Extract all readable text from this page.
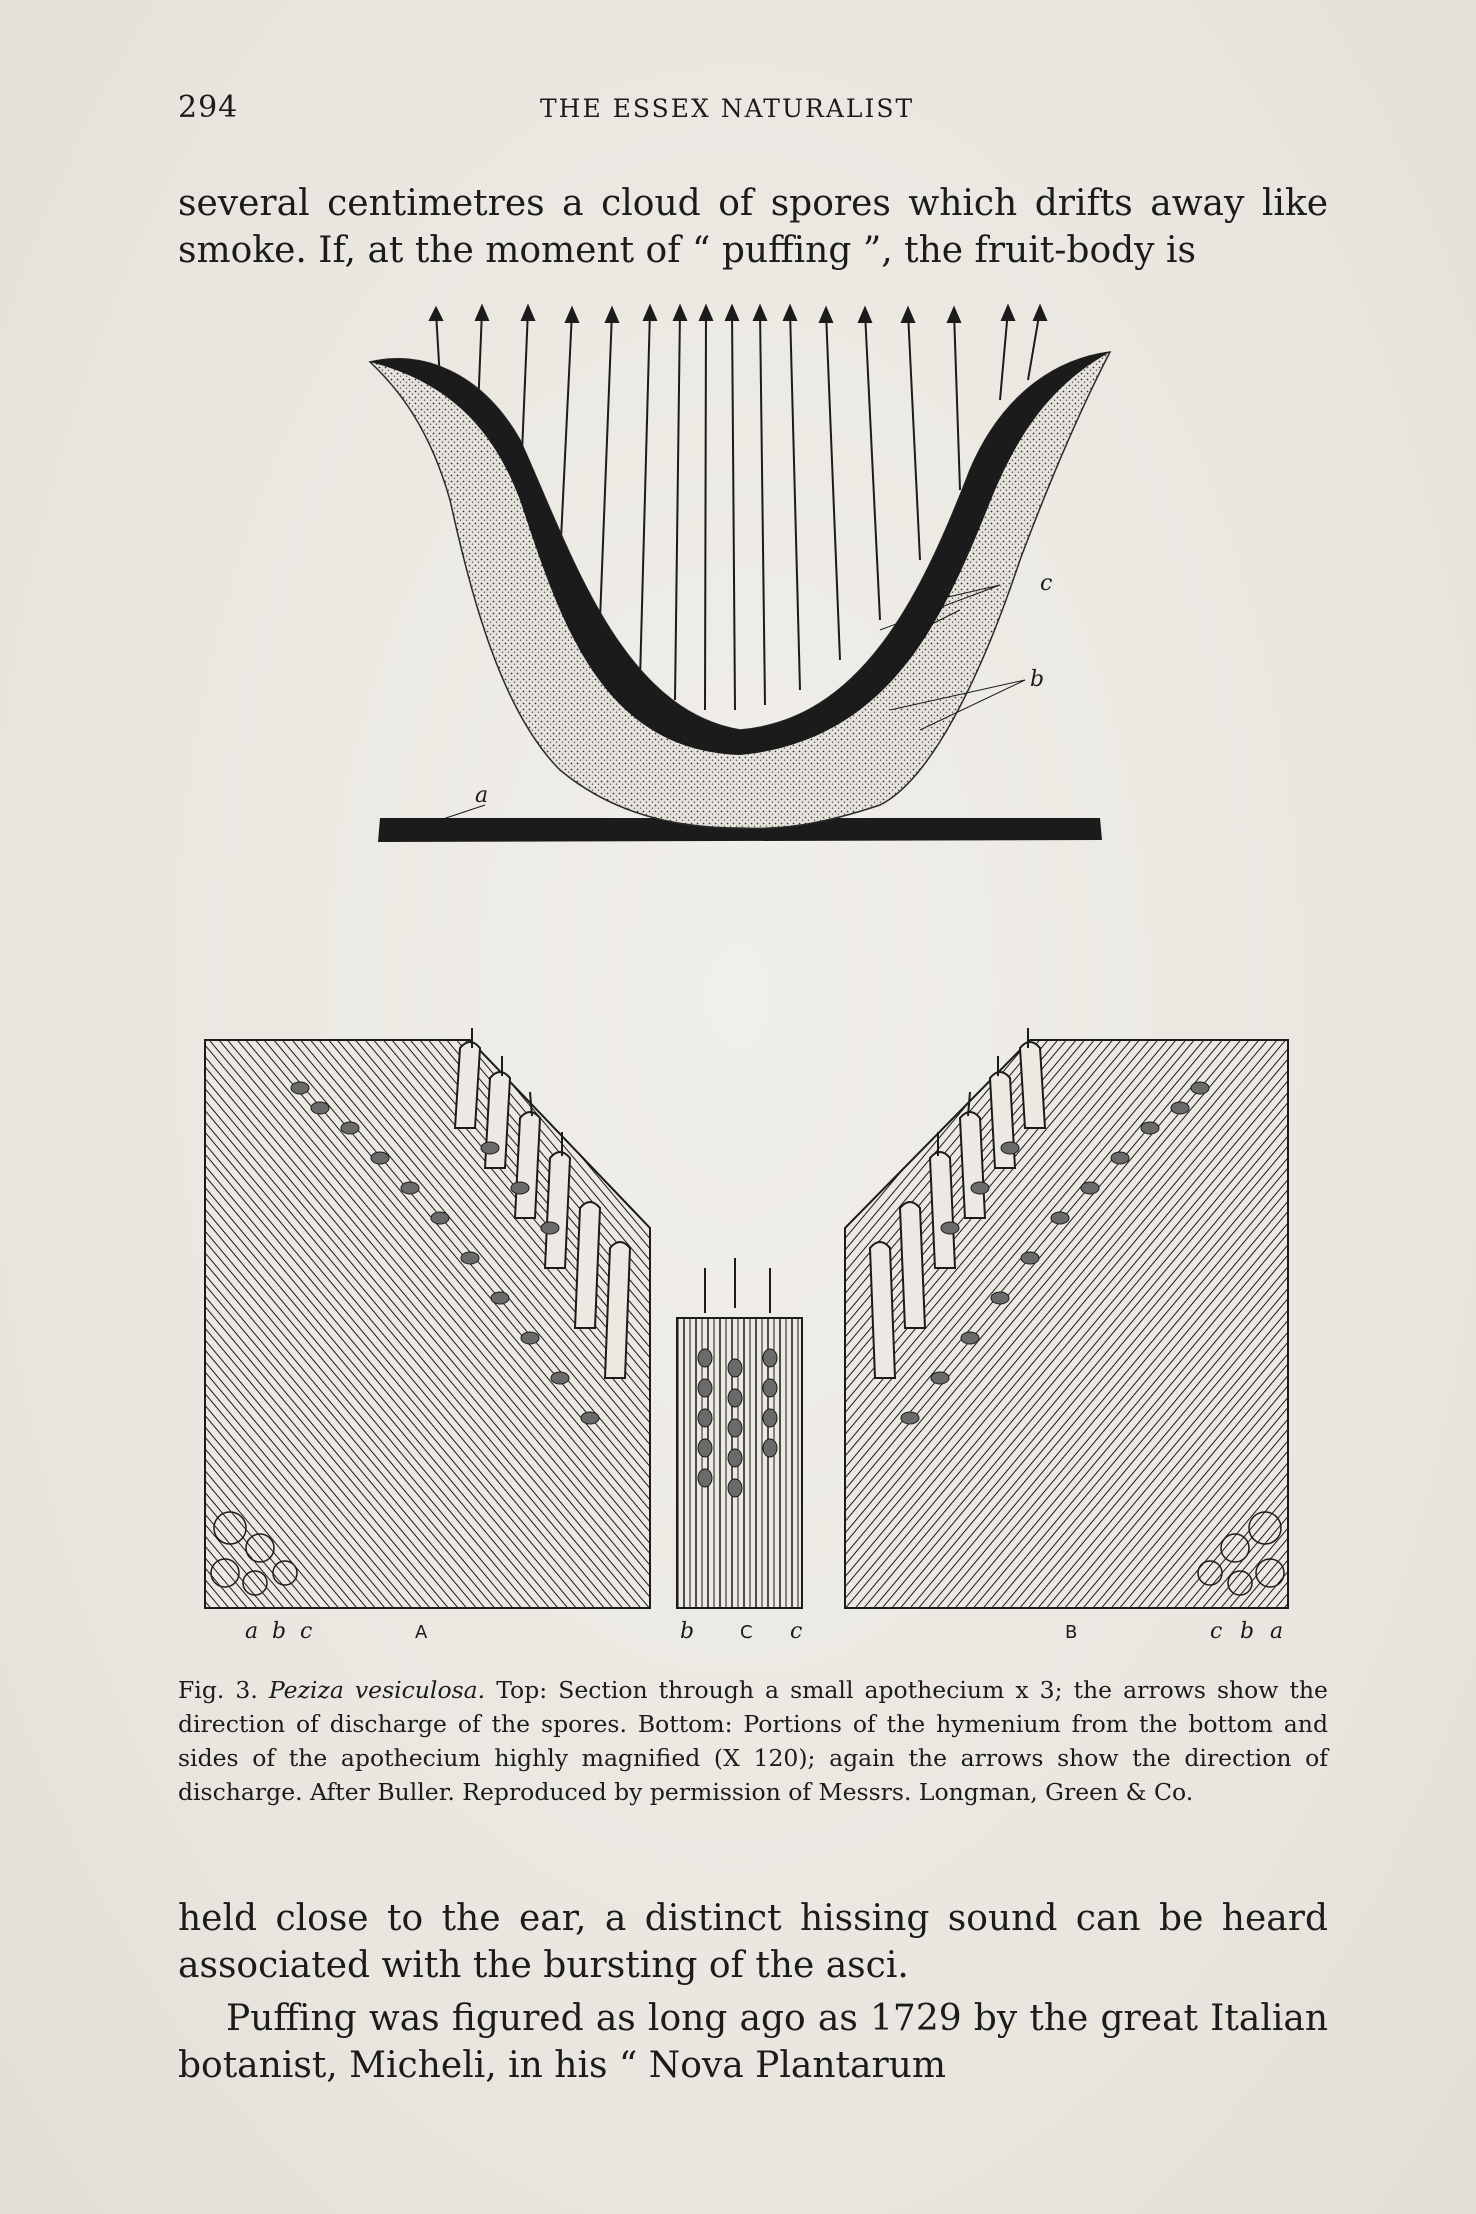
294	THE ESSEX NATURALIST

several centimetres a cloud of spores which drifts away like smoke. If, at the moment of “ puffing ”, the fruit-body is

c
b
a
a b c	A	b	C c	B	c b a

Fig. 3. Peziza vesiculosa. Top: Section through a small apothecium x 3; the arrows show the direction of discharge of the spores. Bottom: Portions of the hymenium from the bottom and sides of the apothecium highly magnified (X 120); again the arrows show the direction of discharge. After Buller. Reproduced by permission of Messrs. Longman, Green & Co.

held close to the ear, a distinct hissing sound can be heard associated with the bursting of the asci.

Puffing was figured as long ago as 1729 by the great Italian botanist, Micheli, in his “ Nova Plantarum
